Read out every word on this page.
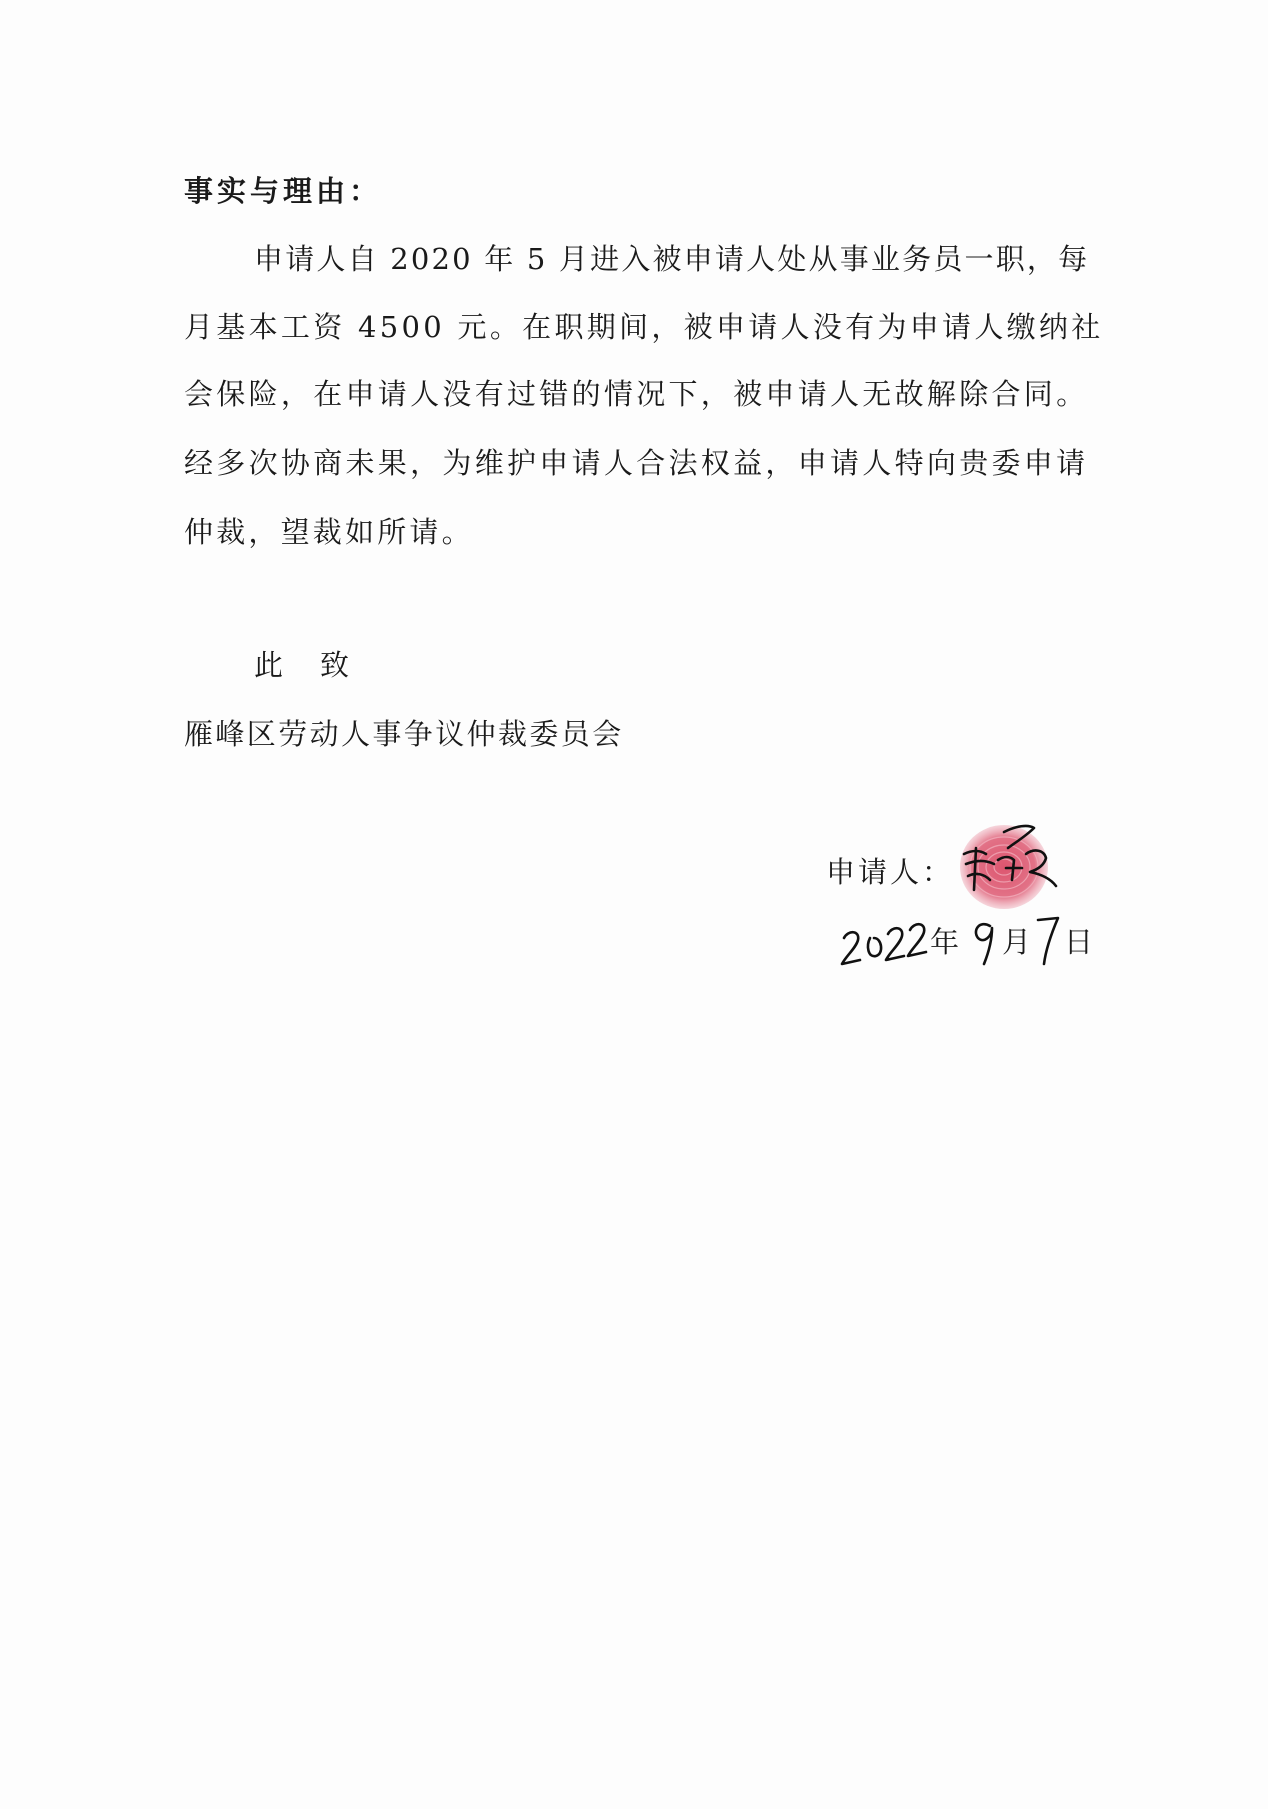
事实与理由：
申请人自 2020 年 5 月进入被申请人处从事业务员一职，每
月基本工资 4500 元。在职期间，被申请人没有为申请人缴纳社
会保险，在申请人没有过错的情况下，被申请人无故解除合同。
经多次协商未果，为维护申请人合法权益，申请人特向贵委申请
仲裁，望裁如所请。
此　致
雁峰区劳动人事争议仲裁委员会
申请人：
年 月 日
